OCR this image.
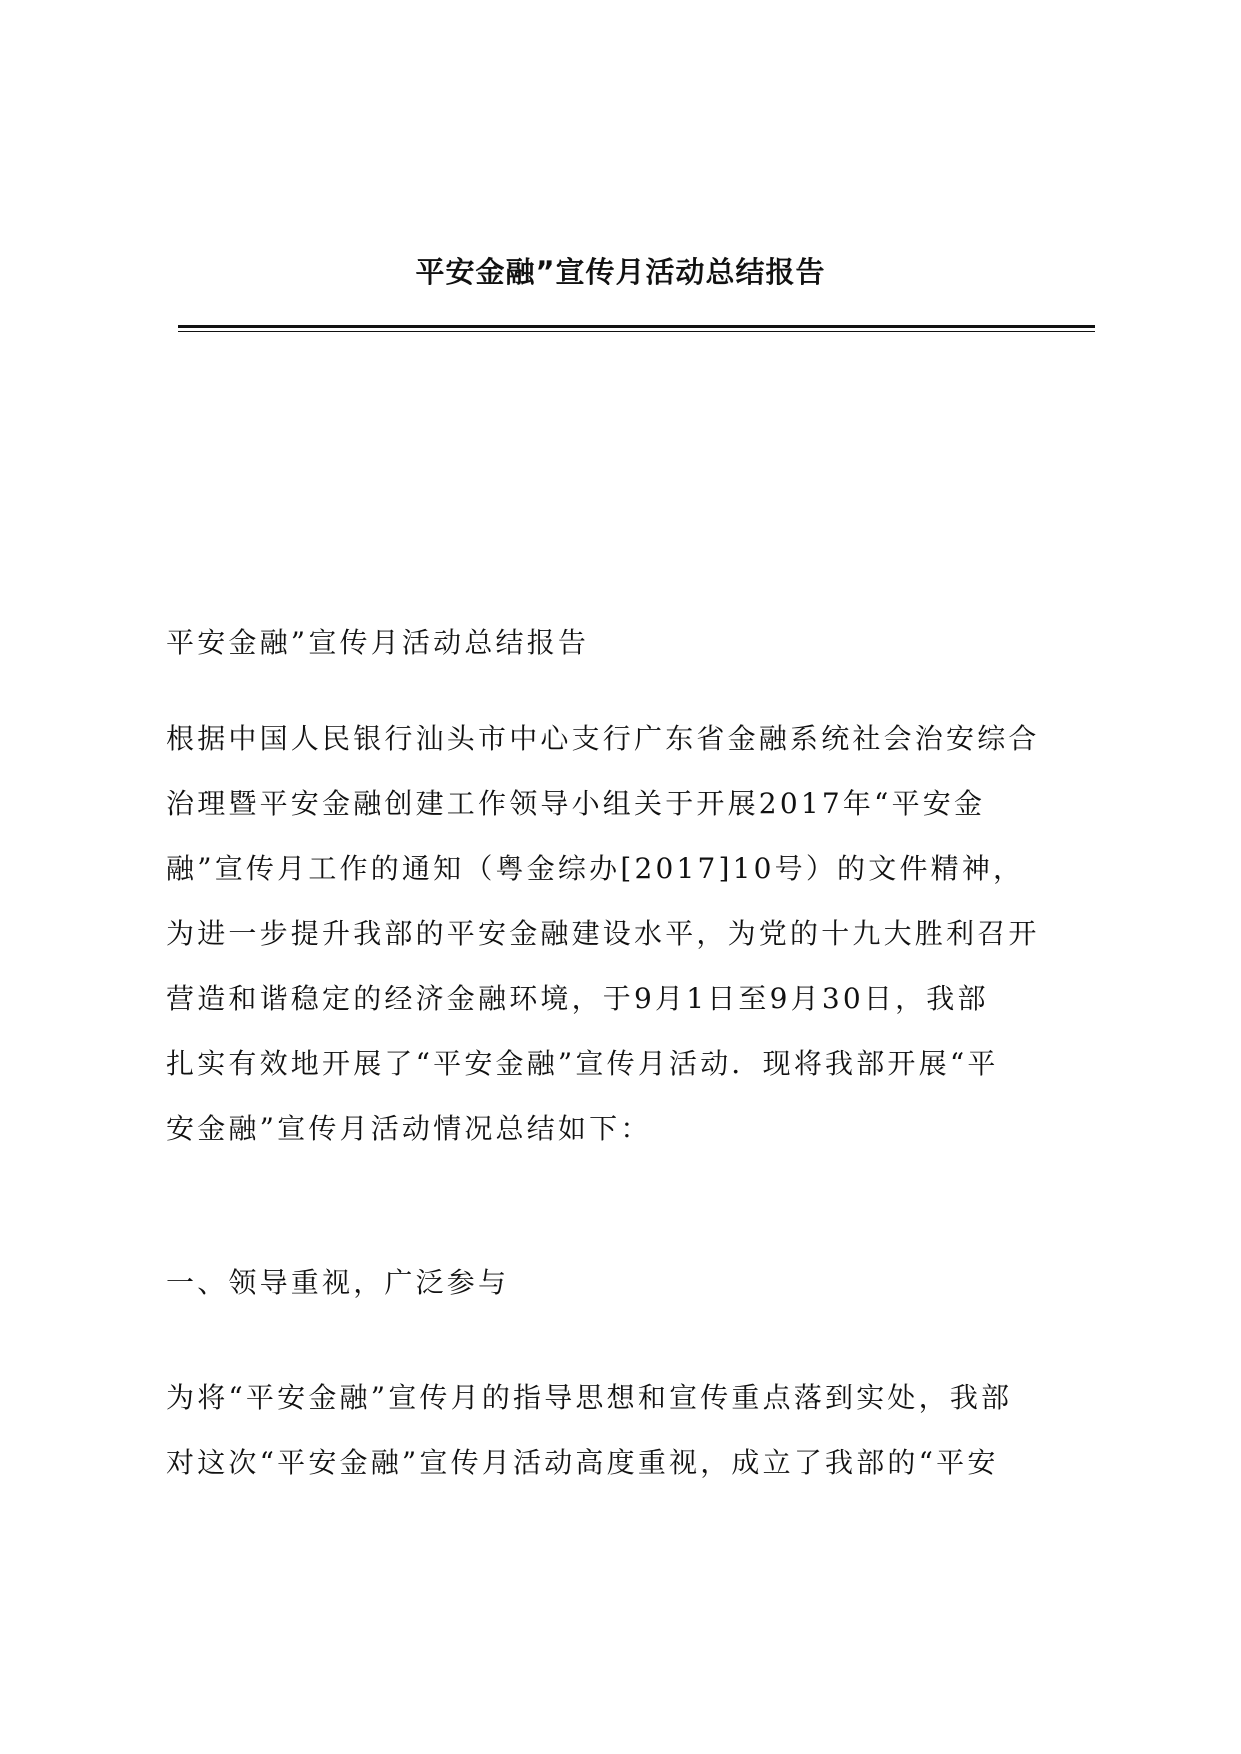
平安金融”宣传月活动总结报告
平安金融”宣传月活动总结报告
根据中国人民银行汕头市中心支行广东省金融系统社会治安综合
治理暨平安金融创建工作领导小组关于开展2017年“平安金
融”宣传月工作的通知（粤金综办[2017]10号）的文件精神，
为进一步提升我部的平安金融建设水平，为党的十九大胜利召开
营造和谐稳定的经济金融环境，于9月1日至9月30日，我部
扎实有效地开展了“平安金融”宣传月活动．现将我部开展“平
安金融”宣传月活动情况总结如下：
一、领导重视，广泛参与
为将“平安金融”宣传月的指导思想和宣传重点落到实处，我部
对这次“平安金融”宣传月活动高度重视，成立了我部的“平安
